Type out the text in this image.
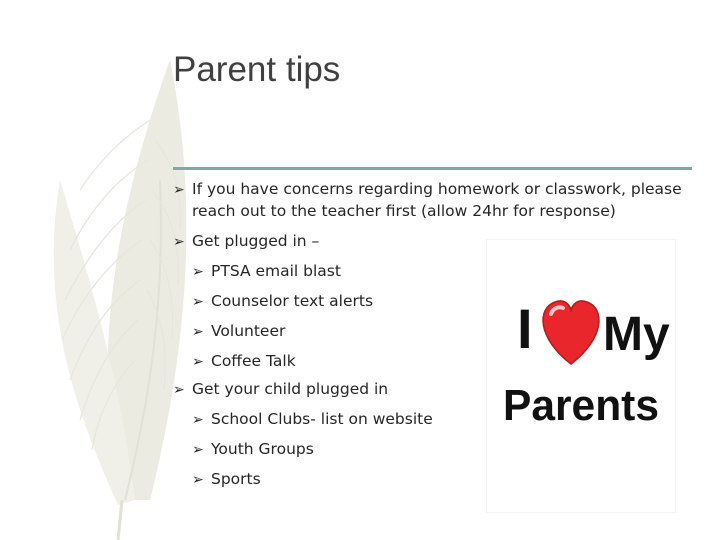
Parent tips
➢ If you have concerns regarding homework or classwork, please
reach out to the teacher first (allow 24hr for response)
➢ Get plugged in –
➢ PTSA email blast
➢ Counselor text alerts
➢ Volunteer
➢ Coffee Talk
➢ Get your child plugged in
➢ School Clubs- list on website
➢ Youth Groups
➢ Sports
I My
Parents
